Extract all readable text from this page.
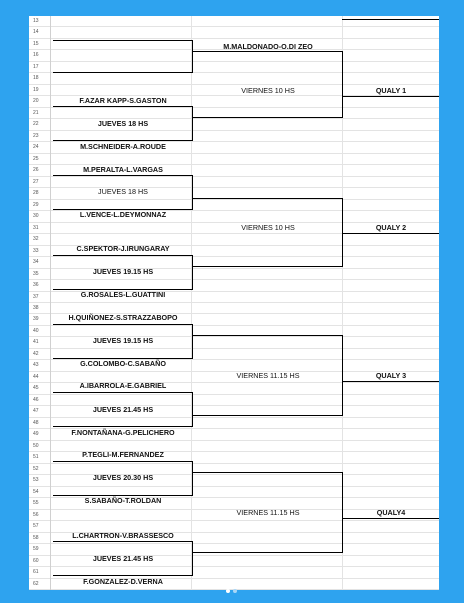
13
14
15
16
17
18
19
20
21
22
23
24
25
26
27
28
29
30
31
32
33
34
35
36
37
38
39
40
41
42
43
44
45
46
47
48
49
50
51
52
53
54
55
56
57
58
59
60
61
62
F.AZAR KAPP-S.GASTON
JUEVES 18 HS
M.SCHNEIDER-A.ROUDE
M.PERALTA-L.VARGAS
JUEVES 18 HS
L.VENCE-L.DEYMONNAZ
C.SPEKTOR-J.IRUNGARAY
JUEVES 19.15 HS
G.ROSALES-L.GUATTINI
H.QUIÑONEZ-S.STRAZZABOPO
JUEVES 19.15 HS
G.COLOMBO-C.SABAÑO
A.IBARROLA-E.GABRIEL
JUEVES 21.45 HS
F.NONTAÑANA-G.PELICHERO
P.TEGLI-M.FERNANDEZ
JUEVES 20.30 HS
S.SABAÑO-T.ROLDAN
L.CHARTRON-V.BRASSESCO
JUEVES 21.45 HS
F.GONZALEZ-D.VERNA
M.MALDONADO-O.DI ZEO
VIERNES 10 HS
VIERNES 10 HS
VIERNES 11.15 HS
VIERNES 11.15 HS
QUALY 1
QUALY 2
QUALY 3
QUALY4
